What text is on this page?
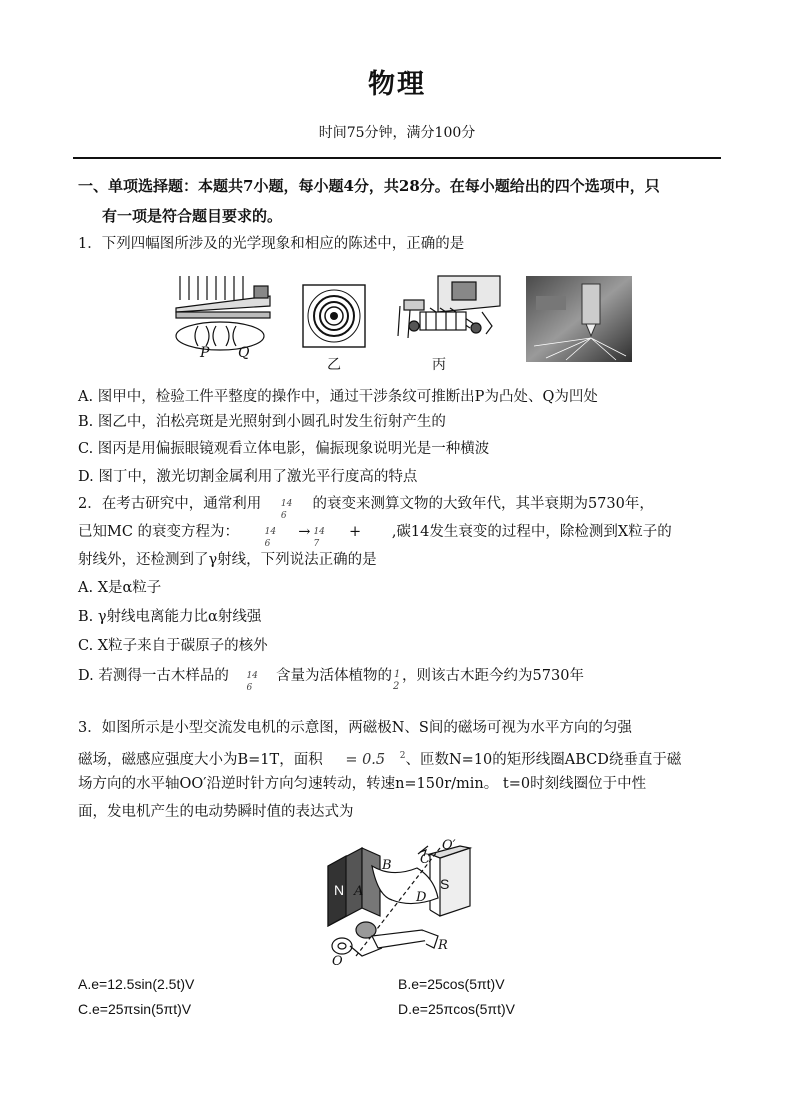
物理
时间75分钟，满分100分
一、单项选择题：本题共7小题，每小题4分，共28分。在每小题给出的四个选项中，只
有一项是符合题目要求的。
1．下列四幅图所涉及的光学现象和相应的陈述中，正确的是
P Q
乙	丙
A. 图甲中，检验工件平整度的操作中，通过干涉条纹可推断出P为凸处、Q为凹处
B. 图乙中，泊松亮斑是光照射到小圆孔时发生衍射产生的
C. 图丙是用偏振眼镜观看立体电影，偏振现象说明光是一种横波
D. 图丁中，激光切割金属利用了激光平行度高的特点
2．在考古研究中，通常利用 14
6
的衰变来测算文物的大致年代，其半衰期为5730年，
已知MC 的衰变方程为：	14
6
→ 14
7
+ ,碳14发生衰变的过程中，除检测到X粒子的
射线外，还检测到了γ射线，下列说法正确的是
A. X是α粒子
B. γ射线电离能力比α射线强
C. X粒子来自于碳原子的核外
D. 若测得一古木样品的 14
6
含量为活体植物的 1
2
，则该古木距今约为5730年
3．如图所示是小型交流发电机的示意图，两磁极N、S间的磁场可视为水平方向的匀强
磁场，磁感应强度大小为B=1T，面积 = 0.5 $^2$、匝数N=10的矩形线圈ABCD绕垂直于磁
场方向的水平轴OO′沿逆时针方向匀速转动，转速n=150r/min。 t=0时刻线圈位于中性
面，发电机产生的电动势瞬时值的表达式为
N	S
A
B C
D
O′
O
R
A.e=12.5sin(2.5t)V	B.e=25cos(5πt)V
C.e=25πsin(5πt)V	D.e=25πcos(5πt)V
